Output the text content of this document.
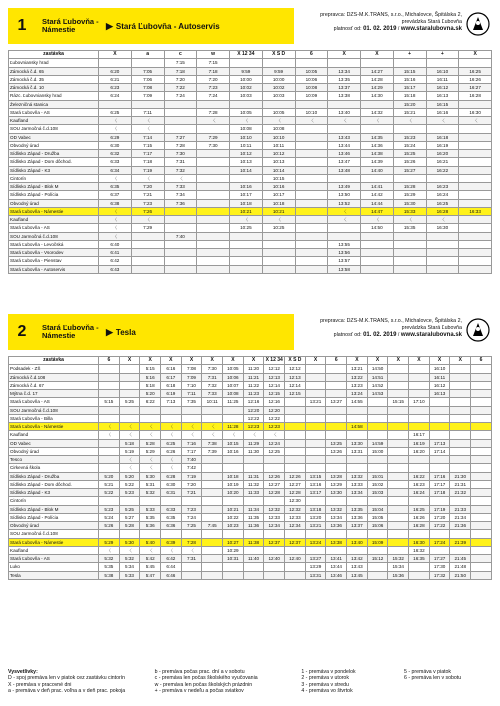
1	Stará Ľubovňa - Námestie	▶ Stará Ľubovňa - Autoservis
prepravca: DZS-M.K.TRANS, s.r.o., Michalovce, Špitálska 2,
prevádzka Stará Ľubovňa
platnosť od: 01. 02. 2019 / www.staralubovna.sk
zastávka	X	a	c	w	X 12 34	X S D	6	X	X	+	+	X
Ľubovniansky hrad			7:15	7:15								
Zámocká č.d. 65	6:20	7:05	7:18	7:18	9:59	9:59	10:05	13:34	14:27	15:15	16:10	16:25
Zámocká č.d. 35	6:21	7:06	7:20	7:20	10:00	10:00	10:06	13:35	14:28	15:16	16:11	16:26
Zámocká č.d. 10	6:23	7:08	7:22	7:23	10:02	10:02	10:08	13:37	14:29	15:17	16:12	16:27
Rázc. Ľubovniansky hrad	6:24	7:09	7:24	7:24	10:03	10:03	10:09	13:38	14:30	15:18	16:13	16:28
Železničná stanica										15:20	16:15	
Stará Ľubovňa - AS	6:25	7:11		7:28	10:05	10:05	10:10	13:40	14:32	15:21	16:16	16:30
Kaufland	〈	〈		〈	〈	〈	〈	〈	〈	〈	〈	〈
SOU Jarmočná č.d.108	〈	〈			10:08	10:08						
OD Vabec	6:29	7:14	7:27	7:29	10:10	10:10		13:43	14:35	15:23	16:18	
Obvodný úrad	6:30	7:15	7:28	7:30	10:11	10:11		13:44	14:36	15:24	16:19	
Sídlisko Západ - Družba	6:32	7:17	7:30		10:12	10:12		13:46	14:38	15:25	16:20	
Sídlisko Západ - Dom dôchod.	6:33	7:18	7:31		10:13	10:13		13:47	14:39	15:26	16:21	
Sídlisko Západ - K3	6:34	7:19	7:32		10:14	10:14		13:48	14:40	15:27	16:22	
Cintorín	〈	〈	〈			10:15						
Sídlisko Západ - Blok M	6:35	7:20	7:33		10:16	10:16		13:49	14:41	15:28	16:23	
Sídlisko Západ - Polícia	6:37	7:21	7:34		10:17	10:17		13:50	14:42	15:29	16:24	
Obvodný úrad	6:38	7:23	7:36		10:18	10:18		13:52	14:44	15:30	16:25	
Stará Ľubovňa - Námestie	〈	7:26			10:21	10:21		〈	14:47	15:33	16:28	16:33
Kaufland	〈	〈			〈	〈		〈	〈	〈	〈	
Stará Ľubovňa - AS	〈	7:29			10:25	10:25			14:50	15:35	16:30	
SOU Jarmočná č.d.108	〈		7:40									
Stará Ľubovňa - Levočská	6:40							13:55				
Stará Ľubovňa - Vsorodev	6:41							13:56				
Stará Ľubovňa - Pienstav	6:42							13:57				
Stará Ľubovňa - Autoservis	6:43							13:58				
2	Stará Ľubovňa - Námestie	▶ Tesla
prepravca: DZS-M.K.TRANS, s.r.o., Michalovce, Špitálska 2,
prevádzka Stará Ľubovňa
platnosť od: 01. 02. 2019 / www.staralubovna.sk
zastávka	6	X	X	X	X	X	X	X	X 12 34	X S D	X	6	X	X	X	X	X	X	6
Podsadek - ZŠ			5:15	6:16	7:08	7:30	10:05	11:20	12:12	12:12			13:21	14:50			16:10		
Zámocká č.d.108			5:16	6:17	7:09	7:31	10:06	11:21	12:13	12:13			13:22	14:51			16:11		
Zámocká č.d. 67			5:18	6:18	7:10	7:32	10:07	11:22	12:14	12:14			13:23	14:52			16:12		
Mýtna č.d. 17			5:20	6:19	7:11	7:33	10:08	11:23	12:15	12:15			13:24	14:53			16:13		
Stará Ľubovňa - AS	5:15	5:25	6:22	7:13	7:35	10:11	11:25	12:16	12:16		13:21	13:27	14:55		15:15	17:10			
SOU Jarmočná č.d.108								12:20	12:20										
Stará Ľubovňa - Billa								12:22	12:22										
Stará Ľubovňa - Námestie	〈	〈	〈	〈	〈	〈	11:28	12:23	12:23				14:58						
Kaufland	〈	〈	〈	〈	〈	〈	〈	〈	〈							16:17			
OD Vabec		5:18	5:28	6:25	7:16	7:38	10:15	11:29	12:24			13:25	13:30	14:59		16:19	17:13		
Obvodný úrad		5:19	5:29	6:26	7:17	7:39	10:16	11:30	12:25			13:26	13:31	15:00		16:20	17:14		
Tesco		〈	〈	〈	7:40														
Cirkevná škola		〈	〈	〈	7:42														
Sídlisko Západ - Družba	5:20	5:20	5:30	6:28	7:19		10:18	11:31	12:26	12:26	13:15	13:28	13:32	15:01		16:22	17:16	21:30	
Sídlisko Západ - Dom dôchod.	5:21	5:22	5:31	6:30	7:20		10:19	11:32	12:27	12:27	13:16	13:29	13:33	15:02		16:23	17:17	21:31	
Sídlisko Západ - K3	5:22	5:23	5:32	6:31	7:21		10:20	11:33	12:28	12:28	13:17	13:30	13:34	15:03		16:24	17:18	21:32	
Cintorín										12:30									
Sídlisko Západ - Blok M	5:23	5:25	5:33	6:33	7:23		10:21	11:34	12:32	12:32	13:18	13:32	13:35	15:04		16:25	17:19	21:33	
Sídlisko Západ - Polícia	5:24	5:27	5:35	6:35	7:24		10:22	11:35	12:33	12:33	13:20	13:34	13:36	15:05		16:26	17:20	21:34	
Obvodný úrad	5:26	5:28	5:36	6:36	7:25	7:45	10:23	11:36	12:34	12:34	13:21	13:36	13:37	15:06		16:28	17:22	21:36	
SOU Jarmočná č.d.108																			
Stará Ľubovňa - Námestie	5:29	5:30	5:40	6:39	7:28		10:27	11:38	12:37	12:37	13:24	13:38	13:40	15:09		16:30	17:24	21:39	
Kaufland	〈	〈	〈	〈	〈		10:29									16:32			
Stará Ľubovňa - AS	5:32	5:32	5:42	6:42	7:31		10:31	11:40	12:40	12:40	13:27	13:41	13:42	15:12	15:32	16:35	17:27	21:45	
Luko	5:35	5:34	5:45	6:44							13:29	13:44	13:43		15:34		17:30	21:48	
Tesla	5:38	5:33	5:47	6:46							13:31	13:46	13:45		15:36		17:32	21:50	
Vysvetlivky:
D - spoj premáva len v piatok cez zastávku cintorín
X - premáva v pracovné dni
a - premáva v deň prac. voľna a v deň prac. pokoja
b - premáva počas prac. dní a v sobotu
c - premáva len počas školského vyučovania
w - premáva len počas školských prázdnin
+ - premáva v nedeľu a počas sviatkov
1 - premáva v pondelok
2 - premáva v utorok
3 - premáva v stredu
4 - premáva vo štvrtok
5 - premáva v piatok
6 - premáva len v sobotu
